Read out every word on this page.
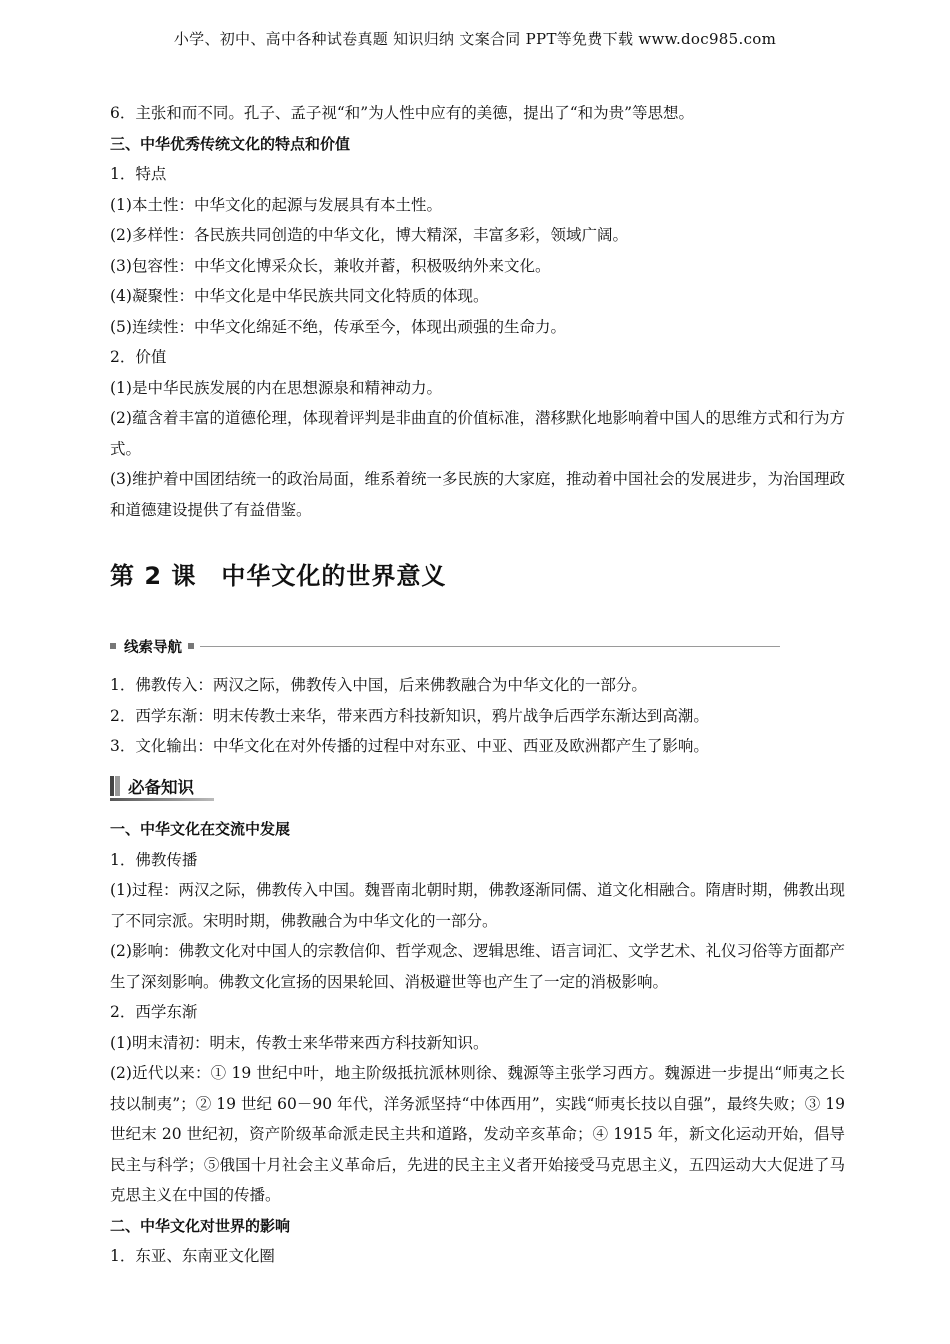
小学、初中、高中各种试卷真题 知识归纳 文案合同 PPT等免费下载 www.doc985.com
6．主张和而不同。孔子、孟子视“和”为人性中应有的美德，提出了“和为贵”等思想。
三、中华优秀传统文化的特点和价值
1．特点
(1)本土性：中华文化的起源与发展具有本土性。
(2)多样性：各民族共同创造的中华文化，博大精深，丰富多彩，领域广阔。
(3)包容性：中华文化博采众长，兼收并蓄，积极吸纳外来文化。
(4)凝聚性：中华文化是中华民族共同文化特质的体现。
(5)连续性：中华文化绵延不绝，传承至今，体现出顽强的生命力。
2．价值
(1)是中华民族发展的内在思想源泉和精神动力。
(2)蕴含着丰富的道德伦理，体现着评判是非曲直的价值标准，潜移默化地影响着中国人的思维方式和行为方式。
(3)维护着中国团结统一的政治局面，维系着统一多民族的大家庭，推动着中国社会的发展进步，为治国理政和道德建设提供了有益借鉴。
第 2 课　中华文化的世界意义
线索导航
1．佛教传入：两汉之际，佛教传入中国，后来佛教融合为中华文化的一部分。
2．西学东渐：明末传教士来华，带来西方科技新知识，鸦片战争后西学东渐达到高潮。
3．文化输出：中华文化在对外传播的过程中对东亚、中亚、西亚及欧洲都产生了影响。
必备知识
一、中华文化在交流中发展
1．佛教传播
(1)过程：两汉之际，佛教传入中国。魏晋南北朝时期，佛教逐渐同儒、道文化相融合。隋唐时期，佛教出现了不同宗派。宋明时期，佛教融合为中华文化的一部分。
(2)影响：佛教文化对中国人的宗教信仰、哲学观念、逻辑思维、语言词汇、文学艺术、礼仪习俗等方面都产生了深刻影响。佛教文化宣扬的因果轮回、消极避世等也产生了一定的消极影响。
2．西学东渐
(1)明末清初：明末，传教士来华带来西方科技新知识。
(2)近代以来：① 19 世纪中叶，地主阶级抵抗派林则徐、魏源等主张学习西方。魏源进一步提出“师夷之长技以制夷”；② 19 世纪 60－90 年代，洋务派坚持“中体西用”，实践“师夷长技以自强”，最终失败；③ 19 世纪末 20 世纪初，资产阶级革命派走民主共和道路，发动辛亥革命；④ 1915 年，新文化运动开始，倡导民主与科学；⑤俄国十月社会主义革命后，先进的民主主义者开始接受马克思主义，五四运动大大促进了马克思主义在中国的传播。
二、中华文化对世界的影响
1．东亚、东南亚文化圈
